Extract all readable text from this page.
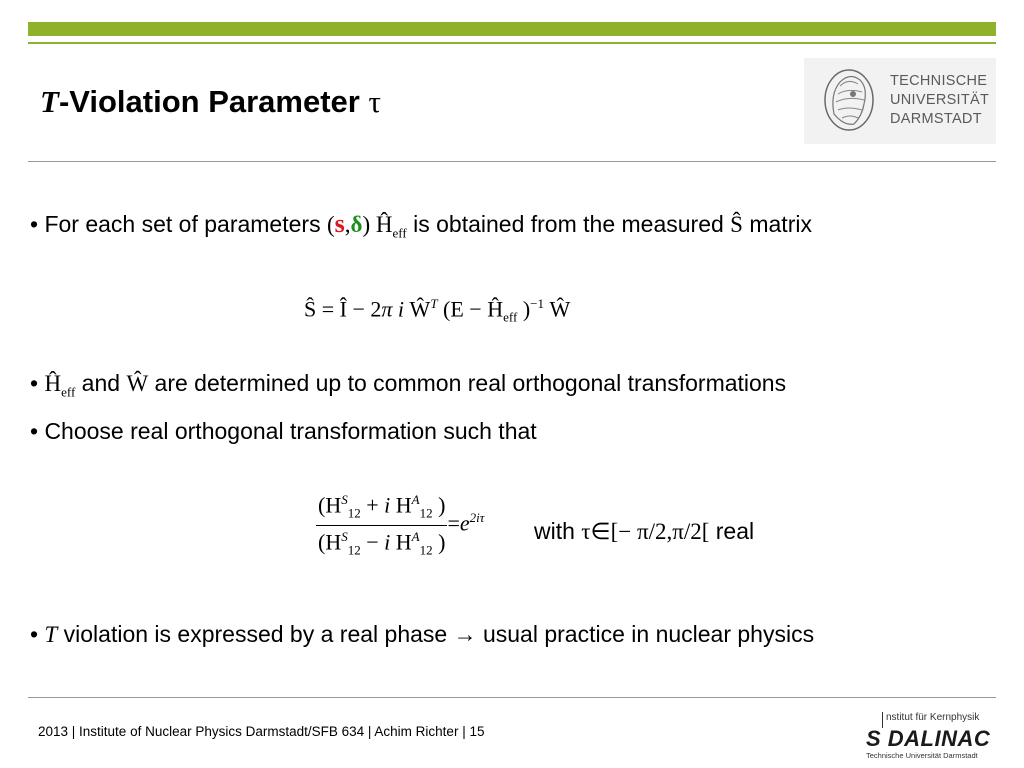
T-Violation Parameter τ
TECHNISCHE
UNIVERSITÄT
DARMSTADT
• For each set of parameters (s,δ) $Ĥ_{eff}$ is obtained from the measured Ŝ matrix
Ŝ = Î − 2π i $Ŵ^T$ ($E - Ĥ_{eff}$ )$^{-1}$ Ŵ
• $Ĥ_{eff}$ and Ŵ are determined up to common real orthogonal transformations
• Choose real orthogonal transformation such that
$\frac{(H^S_{12} + i H^A_{12} )}{(H^S_{12} - i H^A_{12} )} =e^{2i\tau}$
with τ∈[− π/2,π/2[ real
• T violation is expressed by a real phase → usual practice in nuclear physics
2013 | Institute of Nuclear Physics Darmstadt/SFB 634 | Achim Richter | 15
nstitut für Kernphysik
S DALINAC
Technische Universität Darmstadt
